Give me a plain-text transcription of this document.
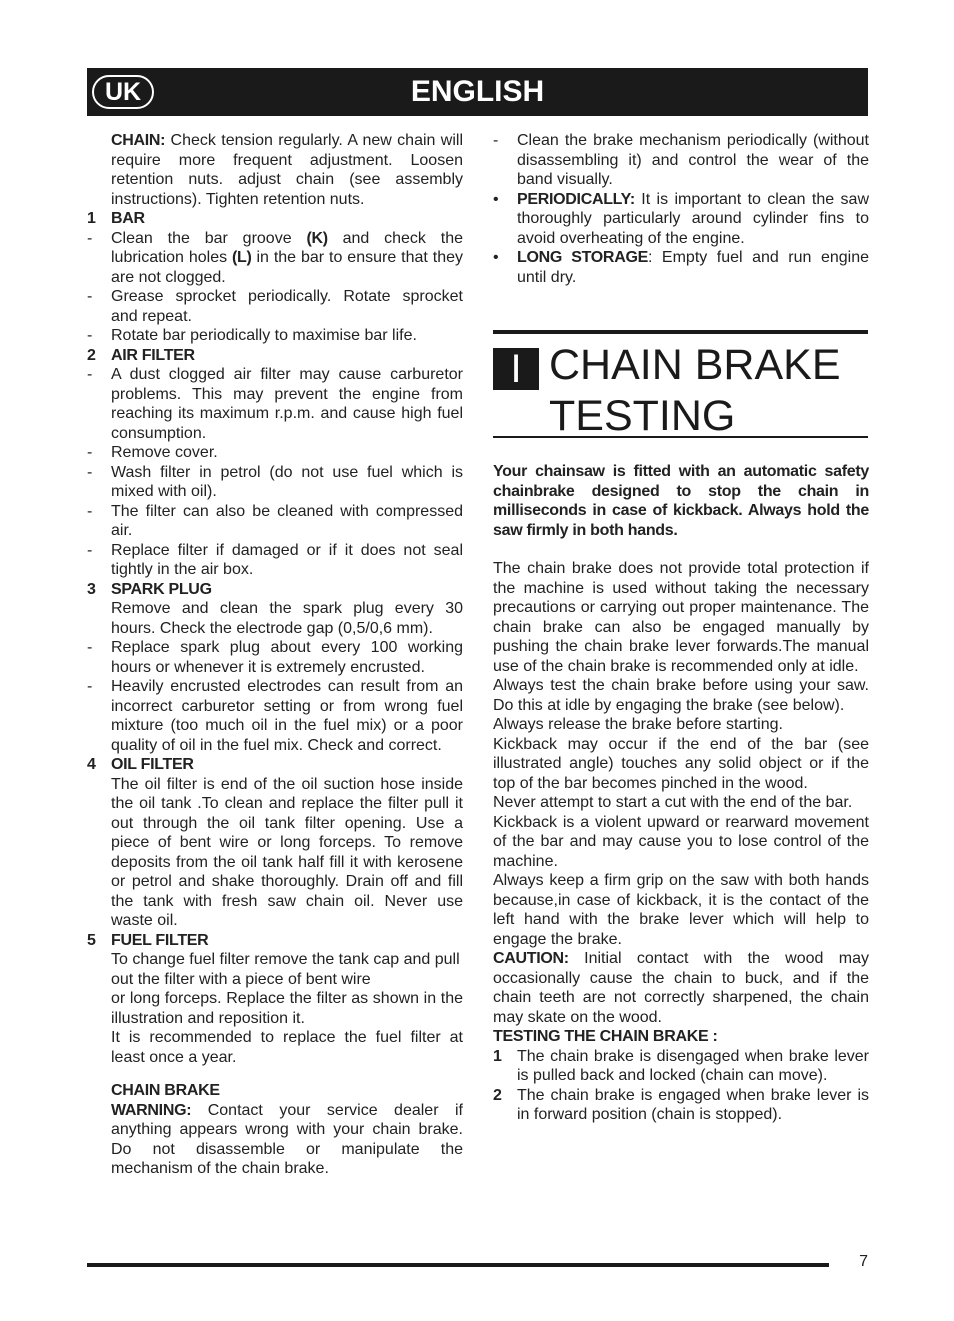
UK	ENGLISH

CHAIN: Check tension regularly. A new chain will require more frequent adjustment. Loosen retention nuts. adjust chain (see assembly instructions). Tighten retention nuts.

1 BAR
- Clean the bar groove (K) and check the lubrication holes (L) in the bar to ensure that they are not clogged.
- Grease sprocket periodically. Rotate sprocket and repeat.
- Rotate bar periodically to maximise bar life.
2 AIR FILTER
- A dust clogged air filter may cause carburetor problems. This may prevent the engine from reaching its maximum r.p.m. and cause high fuel consumption.
- Remove cover.
- Wash filter in petrol (do not use fuel which is mixed with oil).
- The filter can also be cleaned with compressed air.
- Replace filter if damaged or if it does not seal tightly in the air box.
3 SPARK PLUG

Remove and clean the spark plug every 30 hours. Check the electrode gap (0,5/0,6 mm).

- Replace spark plug about every 100 working hours or whenever it is extremely encrusted.
- Heavily encrusted electrodes can result from an incorrect carburetor setting or from wrong fuel mixture (too much oil in the fuel mix) or a poor quality of oil in the fuel mix. Check and correct.
4 OIL FILTER

The oil filter is end of the oil suction hose inside the oil tank .To clean and replace the filter pull it out through the oil tank filter opening. Use a piece of bent wire or long forceps. To remove deposits from the oil tank half fill it with kerosene or petrol and shake thoroughly. Drain off and fill the tank with fresh saw chain oil. Never use waste oil.

5 FUEL FILTER

To change fuel filter remove the tank cap and pull out the filter with a piece of bent wire

or long forceps. Replace the filter as shown in the illustration and reposition it.

It is recommended to replace the fuel filter at least once a year.

CHAIN BRAKE

WARNING: Contact your service dealer if anything appears wrong with your chain brake. Do not disassemble or manipulate the mechanism of the chain brake.

- Clean the brake mechanism periodically (without disassembling it) and control the wear of the band visually.
• PERIODICALLY: It is important to clean the saw thoroughly particularly around cylinder fins to avoid overheating of the engine.
• LONG STORAGE: Empty fuel and run engine until dry.
I CHAIN BRAKE
TESTING

Your chainsaw is fitted with an automatic safety chainbrake designed to stop the chain in milliseconds in case of kickback. Always hold the saw firmly in both hands.

The chain brake does not provide total protection if the machine is used without taking the necessary precautions or carrying out proper maintenance. The chain brake can also be engaged manually by pushing the chain brake lever forwards.The manual use of the chain brake is recommended only at idle.

Always test the chain brake before using your saw. Do this at idle by engaging the brake (see below).

Always release the brake before starting.

Kickback may occur if the end of the bar (see illustrated angle) touches any solid object or if the top of the bar becomes pinched in the wood.

Never attempt to start a cut with the end of the bar.

Kickback is a violent upward or rearward movement of the bar and may cause you to lose control of the machine.

Always keep a firm grip on the saw with both hands because,in case of kickback, it is the contact of the left hand with the brake lever which will help to engage the brake.

CAUTION: Initial contact with the wood may occasionally cause the chain to buck, and if the chain teeth are not correctly sharpened, the chain may skate on the wood.

TESTING THE CHAIN BRAKE :

1 The chain brake is disengaged when brake lever is pulled back and locked (chain can move).
2 The chain brake is engaged when brake lever is in forward position (chain is stopped).
7
